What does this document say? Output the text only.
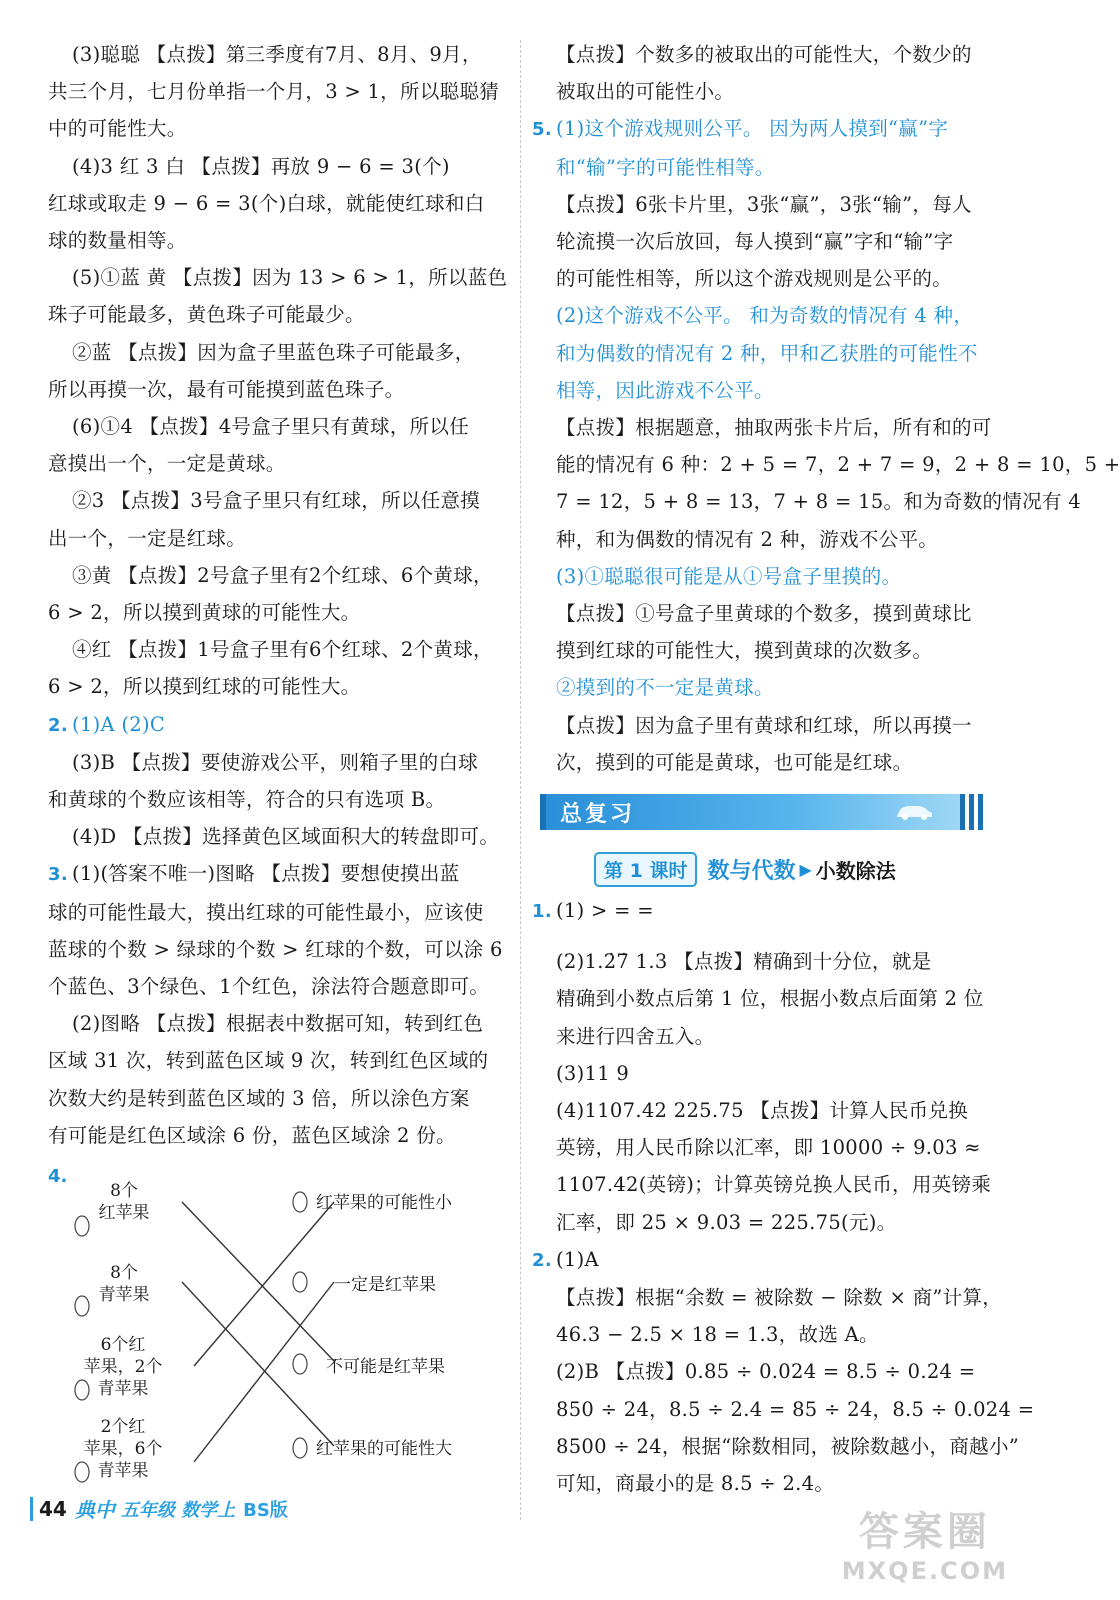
(3)聪聪 【点拨】第三季度有7月、8月、9月，
共三个月，七月份单指一个月，3 > 1，所以聪聪猜
中的可能性大。
(4)3 红 3 白 【点拨】再放 9 − 6 = 3(个)
红球或取走 9 − 6 = 3(个)白球，就能使红球和白
球的数量相等。
(5)①蓝 黄 【点拨】因为 13 > 6 > 1，所以蓝色
珠子可能最多，黄色珠子可能最少。
②蓝 【点拨】因为盒子里蓝色珠子可能最多，
所以再摸一次，最有可能摸到蓝色珠子。
(6)①4 【点拨】4号盒子里只有黄球，所以任
意摸出一个，一定是黄球。
②3 【点拨】3号盒子里只有红球，所以任意摸
出一个，一定是红球。
③黄 【点拨】2号盒子里有2个红球、6个黄球，
6 > 2，所以摸到黄球的可能性大。
④红 【点拨】1号盒子里有6个红球、2个黄球，
6 > 2，所以摸到红球的可能性大。
2. (1)A (2)C
(3)B 【点拨】要使游戏公平，则箱子里的白球
和黄球的个数应该相等，符合的只有选项 B。
(4)D 【点拨】选择黄色区域面积大的转盘即可。
3. (1)(答案不唯一)图略 【点拨】要想使摸出蓝
球的可能性最大，摸出红球的可能性最小，应该使
蓝球的个数 > 绿球的个数 > 红球的个数，可以涂 6
个蓝色、3个绿色、1个红色，涂法符合题意即可。
(2)图略 【点拨】根据表中数据可知，转到红色
区域 31 次，转到蓝色区域 9 次，转到红色区域的
次数大约是转到蓝色区域的 3 倍，所以涂色方案
有可能是红色区域涂 6 份，蓝色区域涂 2 份。
4.
8个
红苹果
8个
青苹果
6个红
苹果，2个
青苹果
2个红
苹果，6个
青苹果
红苹果的可能性小
一定是红苹果
不可能是红苹果
红苹果的可能性大
【点拨】个数多的被取出的可能性大，个数少的
被取出的可能性小。
5. (1)这个游戏规则公平。 因为两人摸到“赢”字
和“输”字的可能性相等。
【点拨】6张卡片里，3张“赢”，3张“输”，每人
轮流摸一次后放回，每人摸到“赢”字和“输”字
的可能性相等，所以这个游戏规则是公平的。
(2)这个游戏不公平。 和为奇数的情况有 4 种，
和为偶数的情况有 2 种，甲和乙获胜的可能性不
相等，因此游戏不公平。
【点拨】根据题意，抽取两张卡片后，所有和的可
能的情况有 6 种：2 + 5 = 7，2 + 7 = 9，2 + 8 = 10，5 +
7 = 12，5 + 8 = 13，7 + 8 = 15。和为奇数的情况有 4
种，和为偶数的情况有 2 种，游戏不公平。
(3)①聪聪很可能是从①号盒子里摸的。
【点拨】①号盒子里黄球的个数多，摸到黄球比
摸到红球的可能性大，摸到黄球的次数多。
②摸到的不一定是黄球。
【点拨】因为盒子里有黄球和红球，所以再摸一
次，摸到的可能是黄球，也可能是红球。
总复习
第 1 课时 数与代数 ▶ 小数除法
1. (1) > = =
(2)1.2̇7̇ 1.3 【点拨】精确到十分位，就是
精确到小数点后第 1 位，根据小数点后面第 2 位
来进行四舍五入。
(3)11 9
(4)1107.42 225.75 【点拨】计算人民币兑换
英镑，用人民币除以汇率，即 10000 ÷ 9.03 ≈
1107.42(英镑)；计算英镑兑换人民币，用英镑乘
汇率，即 25 × 9.03 = 225.75(元)。
2. (1)A
【点拨】根据“余数 = 被除数 − 除数 × 商”计算，
46.3 − 2.5 × 18 = 1.3，故选 A。
(2)B 【点拨】0.85 ÷ 0.024 = 8.5 ÷ 0.24 =
850 ÷ 24，8.5 ÷ 2.4 = 85 ÷ 24，8.5 ÷ 0.024 =
8500 ÷ 24，根据“除数相同，被除数越小，商越小”
可知，商最小的是 8.5 ÷ 2.4。
44 典中 五年级 数学上 BS版	答案圈
MXQE.COM
